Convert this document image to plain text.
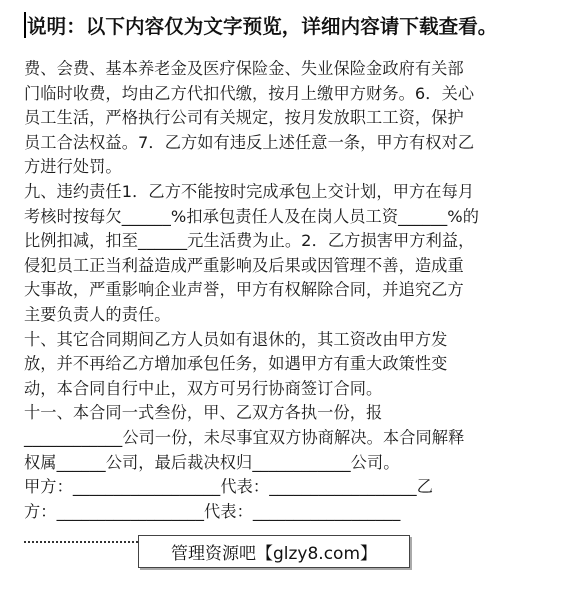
说明：以下内容仅为文字预览，详细内容请下载查看。
费、会费、基本养老金及医疗保险金、失业保险金政府有关部
门临时收费，均由乙方代扣代缴，按月上缴甲方财务。6．关心
员工生活，严格执行公司有关规定，按月发放职工工资，保护
员工合法权益。7．乙方如有违反上述任意一条，甲方有权对乙
方进行处罚。
九、违约责任1．乙方不能按时完成承包上交计划，甲方在每月
考核时按每欠______%扣承包责任人及在岗人员工资______%的
比例扣减，扣至______元生活费为止。2．乙方损害甲方利益，
侵犯员工正当利益造成严重影响及后果或因管理不善，造成重
大事故，严重影响企业声誉，甲方有权解除合同，并追究乙方
主要负责人的责任。
十、其它合同期间乙方人员如有退休的，其工资改由甲方发
放，并不再给乙方增加承包任务，如遇甲方有重大政策性变
动，本合同自行中止，双方可另行协商签订合同。
十一、本合同一式叁份，甲、乙双方各执一份，报
____________公司一份，未尽事宜双方协商解决。本合同解释
权属______公司，最后裁决权归____________公司。
甲方：__________________代表：__________________乙
方：__________________代表：__________________
管理资源吧【glzy8.com】
